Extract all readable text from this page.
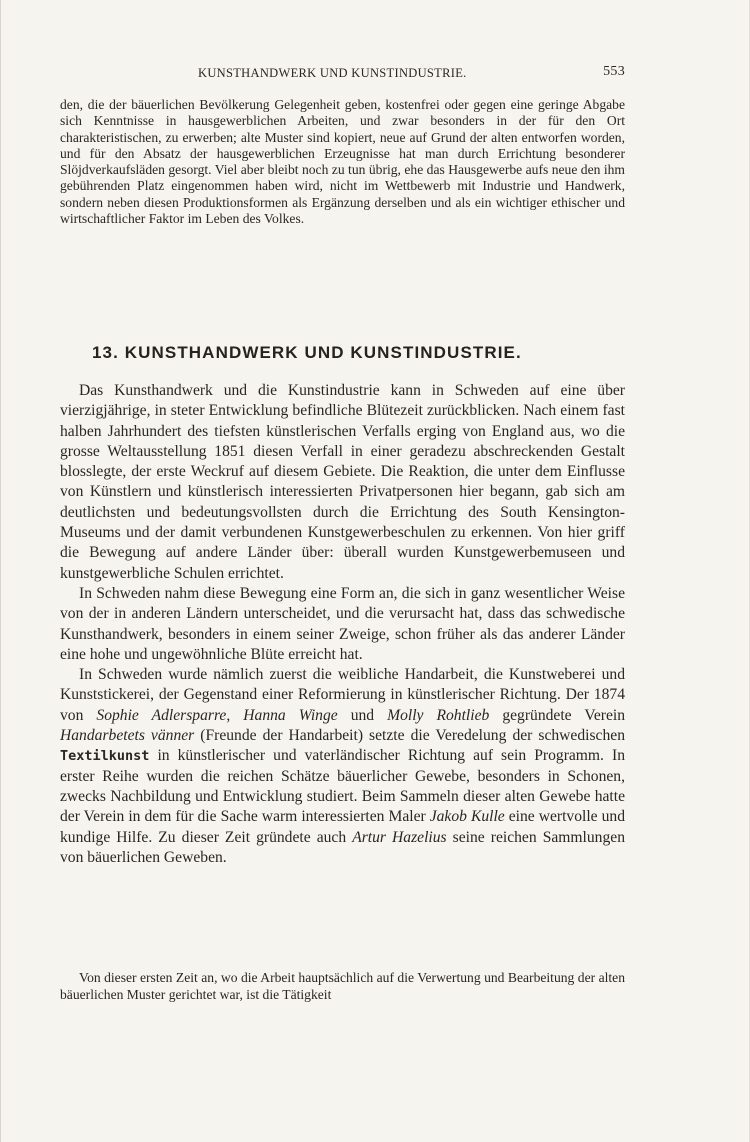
KUNSTHANDWERK UND KUNSTINDUSTRIE.	553
den, die der bäuerlichen Bevölkerung Gelegenheit geben, kostenfrei oder gegen eine geringe Abgabe sich Kenntnisse in hausgewerblichen Arbeiten, und zwar besonders in der für den Ort charakteristischen, zu erwerben; alte Muster sind kopiert, neue auf Grund der alten entworfen worden, und für den Absatz der hausgewerblichen Erzeugnisse hat man durch Errichtung besonderer Slöjdverkaufsläden gesorgt. Viel aber bleibt noch zu tun übrig, ehe das Hausgewerbe aufs neue den ihm gebührenden Platz eingenommen haben wird, nicht im Wettbewerb mit Industrie und Handwerk, sondern neben diesen Produktionsformen als Ergänzung derselben und als ein wichtiger ethischer und wirtschaftlicher Faktor im Leben des Volkes.
13. KUNSTHANDWERK UND KUNSTINDUSTRIE.

Das Kunsthandwerk und die Kunstindustrie kann in Schweden auf eine über vierzigjährige, in steter Entwicklung befindliche Blütezeit zurückblicken. Nach einem fast halben Jahrhundert des tiefsten künstlerischen Verfalls erging von England aus, wo die grosse Weltausstellung 1851 diesen Verfall in einer geradezu abschreckenden Gestalt blosslegte, der erste Weckruf auf diesem Gebiete. Die Reaktion, die unter dem Einflusse von Künstlern und künstlerisch interessierten Privatpersonen hier begann, gab sich am deutlichsten und bedeutungsvollsten durch die Errichtung des South Kensington-Museums und der damit verbundenen Kunstgewerbeschulen zu erkennen. Von hier griff die Bewegung auf andere Länder über: überall wurden Kunstgewerbemuseen und kunstgewerbliche Schulen errichtet.

In Schweden nahm diese Bewegung eine Form an, die sich in ganz wesentlicher Weise von der in anderen Ländern unterscheidet, und die verursacht hat, dass das schwedische Kunsthandwerk, besonders in einem seiner Zweige, schon früher als das anderer Länder eine hohe und ungewöhnliche Blüte erreicht hat.

In Schweden wurde nämlich zuerst die weibliche Handarbeit, die Kunstweberei und Kunststickerei, der Gegenstand einer Reformierung in künstlerischer Richtung. Der 1874 von Sophie Adlersparre, Hanna Winge und Molly Rohtlieb gegründete Verein Handarbetets vänner (Freunde der Handarbeit) setzte die Veredelung der schwedischen Textilkunst in künstlerischer und vaterländischer Richtung auf sein Programm. In erster Reihe wurden die reichen Schätze bäuerlicher Gewebe, besonders in Schonen, zwecks Nachbildung und Entwicklung studiert. Beim Sammeln dieser alten Gewebe hatte der Verein in dem für die Sache warm interessierten Maler Jakob Kulle eine wertvolle und kundige Hilfe. Zu dieser Zeit gründete auch Artur Hazelius seine reichen Sammlungen von bäuerlichen Geweben.

Von dieser ersten Zeit an, wo die Arbeit hauptsächlich auf die Verwertung und Bearbeitung der alten bäuerlichen Muster gerichtet war, ist die Tätigkeit
